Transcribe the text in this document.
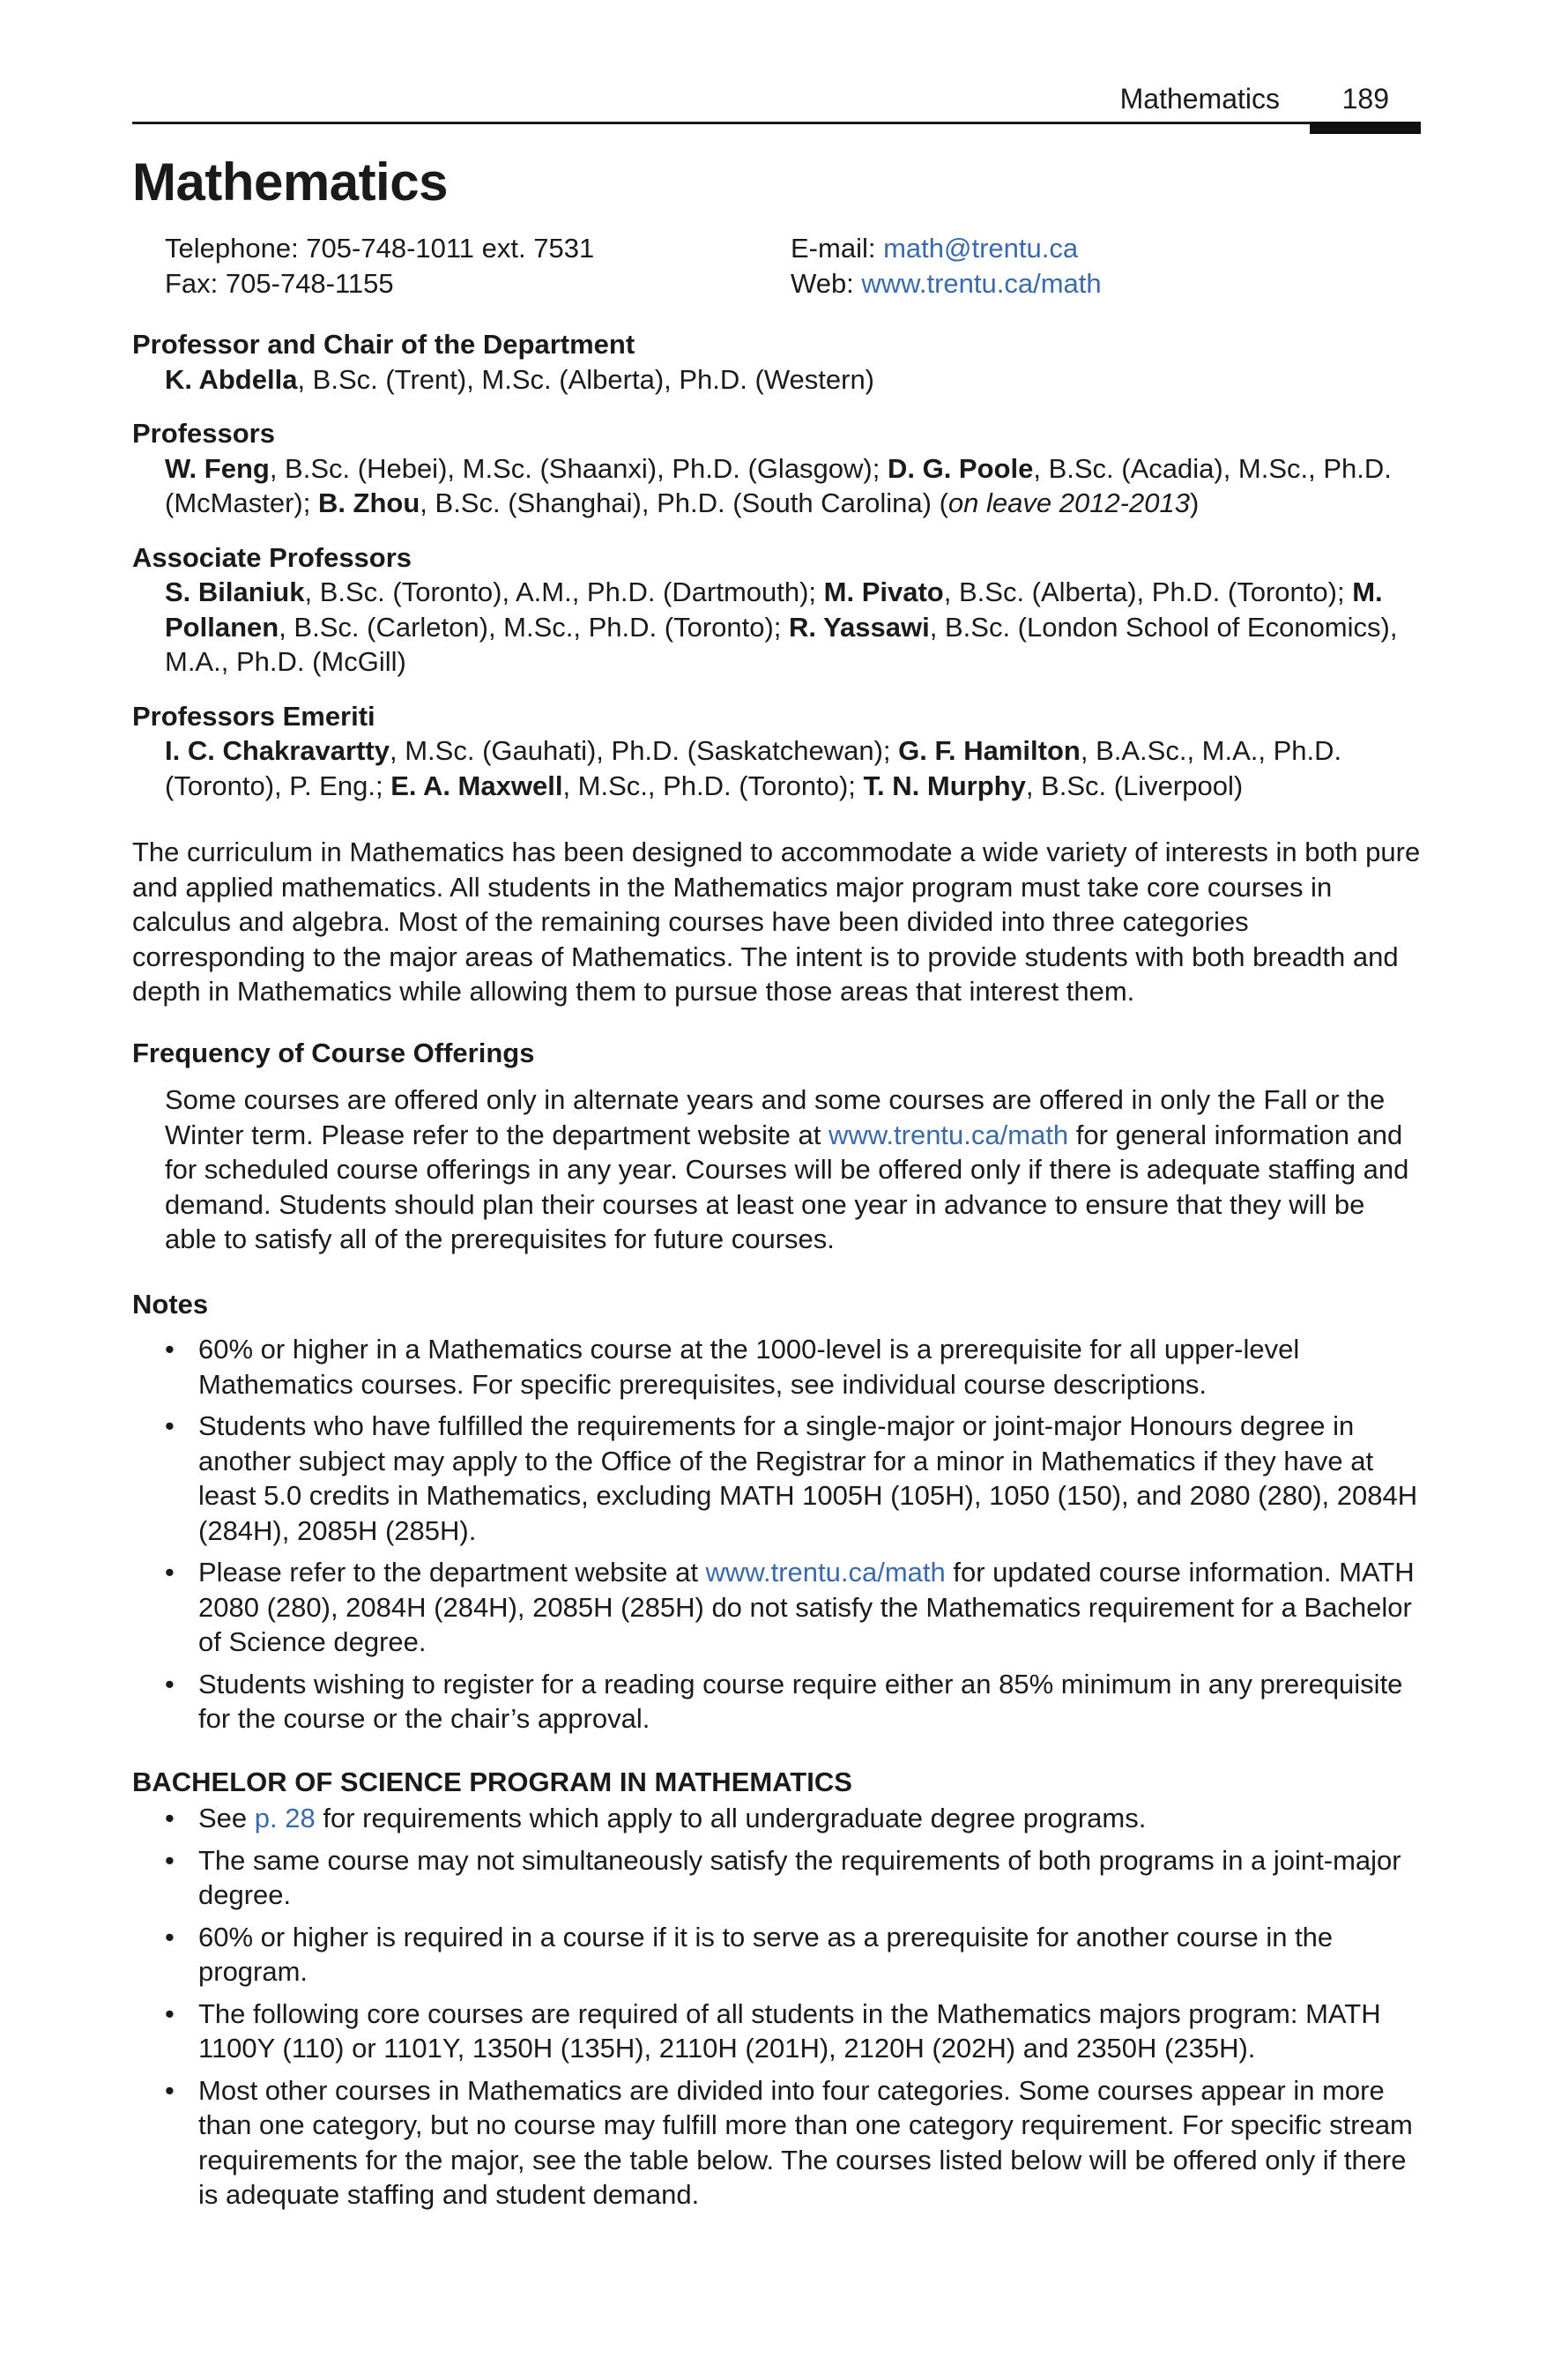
Mathematics 189
Mathematics
Telephone: 705-748-1011 ext. 7531	E-mail: math@trentu.ca
Fax: 705-748-1155	Web: www.trentu.ca/math

Professor and Chair of the Department

K. Abdella, B.Sc. (Trent), M.Sc. (Alberta), Ph.D. (Western)

Professors

W. Feng, B.Sc. (Hebei), M.Sc. (Shaanxi), Ph.D. (Glasgow); D. G. Poole, B.Sc. (Acadia), M.Sc., Ph.D. (McMaster); B. Zhou, B.Sc. (Shanghai), Ph.D. (South Carolina) (on leave 2012-2013)

Associate Professors

S. Bilaniuk, B.Sc. (Toronto), A.M., Ph.D. (Dartmouth); M. Pivato, B.Sc. (Alberta), Ph.D. (Toronto); M. Pollanen, B.Sc. (Carleton), M.Sc., Ph.D. (Toronto); R. Yassawi, B.Sc. (London School of Economics), M.A., Ph.D. (McGill)

Professors Emeriti

I. C. Chakravartty, M.Sc. (Gauhati), Ph.D. (Saskatchewan); G. F. Hamilton, B.A.Sc., M.A., Ph.D. (Toronto), P. Eng.; E. A. Maxwell, M.Sc., Ph.D. (Toronto); T. N. Murphy, B.Sc. (Liverpool)

The curriculum in Mathematics has been designed to accommodate a wide variety of interests in both pure and applied mathematics. All students in the Mathematics major program must take core courses in calculus and algebra. Most of the remaining courses have been divided into three categories corresponding to the major areas of Mathematics. The intent is to provide students with both breadth and depth in Mathematics while allowing them to pursue those areas that interest them.

Frequency of Course Offerings

Some courses are offered only in alternate years and some courses are offered in only the Fall or the Winter term. Please refer to the department website at www.trentu.ca/math for general information and for scheduled course offerings in any year. Courses will be offered only if there is adequate staffing and demand. Students should plan their courses at least one year in advance to ensure that they will be able to satisfy all of the prerequisites for future courses.

Notes

• 60% or higher in a Mathematics course at the 1000-level is a prerequisite for all upper-level Mathematics courses. For specific prerequisites, see individual course descriptions.
• Students who have fulfilled the requirements for a single-major or joint-major Honours degree in another subject may apply to the Office of the Registrar for a minor in Mathematics if they have at least 5.0 credits in Mathematics, excluding MATH 1005H (105H), 1050 (150), and 2080 (280), 2084H (284H), 2085H (285H).
• Please refer to the department website at www.trentu.ca/math for updated course information. MATH 2080 (280), 2084H (284H), 2085H (285H) do not satisfy the Mathematics requirement for a Bachelor of Science degree.
• Students wishing to register for a reading course require either an 85% minimum in any prerequisite for the course or the chair’s approval.

BACHELOR OF SCIENCE PROGRAM IN MATHEMATICS

• See p. 28 for requirements which apply to all undergraduate degree programs.
• The same course may not simultaneously satisfy the requirements of both programs in a joint-major degree.
• 60% or higher is required in a course if it is to serve as a prerequisite for another course in the program.
• The following core courses are required of all students in the Mathematics majors program: MATH 1100Y (110) or 1101Y, 1350H (135H), 2110H (201H), 2120H (202H) and 2350H (235H).
• Most other courses in Mathematics are divided into four categories. Some courses appear in more than one category, but no course may fulfill more than one category requirement. For specific stream requirements for the major, see the table below. The courses listed below will be offered only if there is adequate staffing and student demand.
